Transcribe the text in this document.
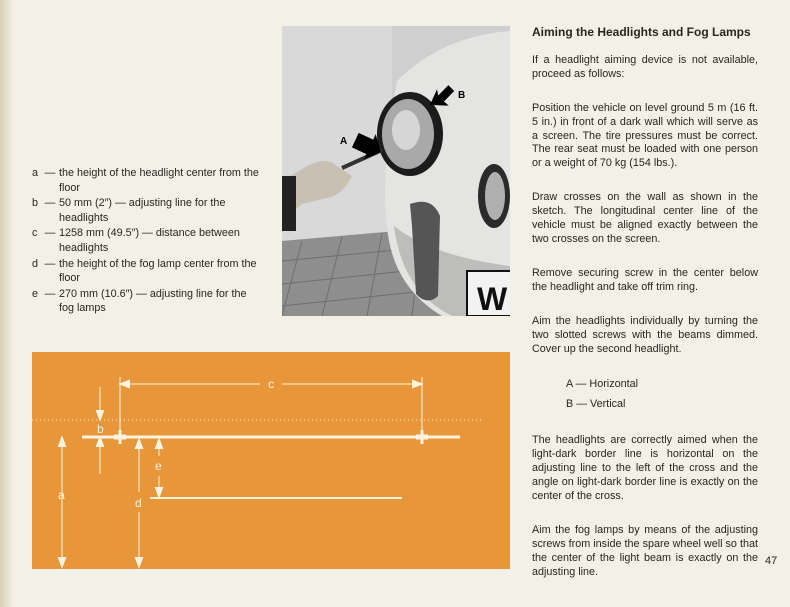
a — the height of the headlight center from the floor
b — 50 mm (2″) — adjusting line for the headlights
c — 1258 mm (49.5″) — distance between headlights
d — the height of the fog lamp center from the floor
e — 270 mm (10.6″) — adjusting line for the fog lamps	W
A
B
c
b
a
e
d
Aiming the Headlights and Fog Lamps

If a headlight aiming device is not available, proceed as follows:

Position the vehicle on level ground 5 m (16 ft. 5 in.) in front of a dark wall which will serve as a screen. The tire pressures must be correct. The rear seat must be loaded with one person or a weight of 70 kg (154 lbs.).

Draw crosses on the wall as shown in the sketch. The longitudinal center line of the vehicle must be aligned exactly between the two crosses on the screen.

Remove securing screw in the center below the headlight and take off trim ring.

Aim the headlights individually by turning the two slotted screws with the beams dimmed. Cover up the second headlight.

A — Horizontal
B — Vertical

The headlights are correctly aimed when the light-dark border line is horizontal on the adjusting line to the left of the cross and the angle on light-dark border line is exactly on the center of the cross.

Aim the fog lamps by means of the adjusting screws from inside the spare wheel well so that the center of the light beam is exactly on the adjusting line.

47
